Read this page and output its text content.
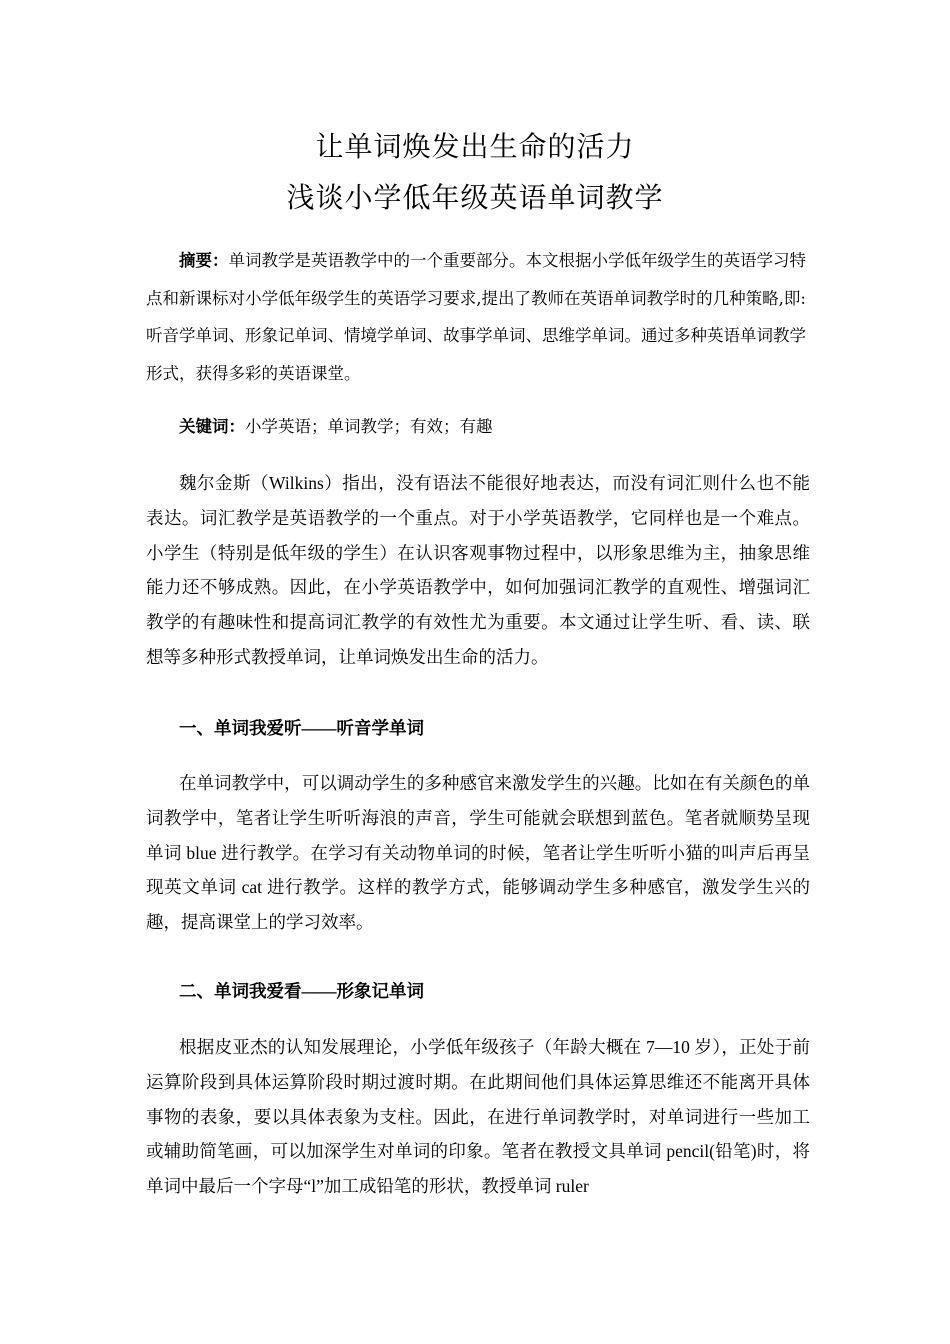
让单词焕发出生命的活力
浅谈小学低年级英语单词教学
摘要：单词教学是英语教学中的一个重要部分。本文根据小学低年级学生的英语学习特点和新课标对小学低年级学生的英语学习要求,提出了教师在英语单词教学时的几种策略,即:听音学单词、形象记单词、情境学单词、故事学单词、思维学单词。通过多种英语单词教学形式，获得多彩的英语课堂。
关键词：小学英语；单词教学；有效；有趣
魏尔金斯（Wilkins）指出，没有语法不能很好地表达，而没有词汇则什么也不能表达。词汇教学是英语教学的一个重点。对于小学英语教学，它同样也是一个难点。小学生（特别是低年级的学生）在认识客观事物过程中，以形象思维为主，抽象思维能力还不够成熟。因此，在小学英语教学中，如何加强词汇教学的直观性、增强词汇教学的有趣味性和提高词汇教学的有效性尤为重要。本文通过让学生听、看、读、联想等多种形式教授单词，让单词焕发出生命的活力。
一、单词我爱听——听音学单词
在单词教学中，可以调动学生的多种感官来激发学生的兴趣。比如在有关颜色的单词教学中，笔者让学生听听海浪的声音，学生可能就会联想到蓝色。笔者就顺势呈现单词 blue 进行教学。在学习有关动物单词的时候，笔者让学生听听小猫的叫声后再呈现英文单词 cat 进行教学。这样的教学方式，能够调动学生多种感官，激发学生兴的趣，提高课堂上的学习效率。
二、单词我爱看——形象记单词
根据皮亚杰的认知发展理论，小学低年级孩子（年龄大概在 7—10 岁），正处于前运算阶段到具体运算阶段时期过渡时期。在此期间他们具体运算思维还不能离开具体事物的表象，要以具体表象为支柱。因此，在进行单词教学时，对单词进行一些加工或辅助简笔画，可以加深学生对单词的印象。笔者在教授文具单词 pencil(铅笔)时，将单词中最后一个字母“l”加工成铅笔的形状，教授单词 ruler
